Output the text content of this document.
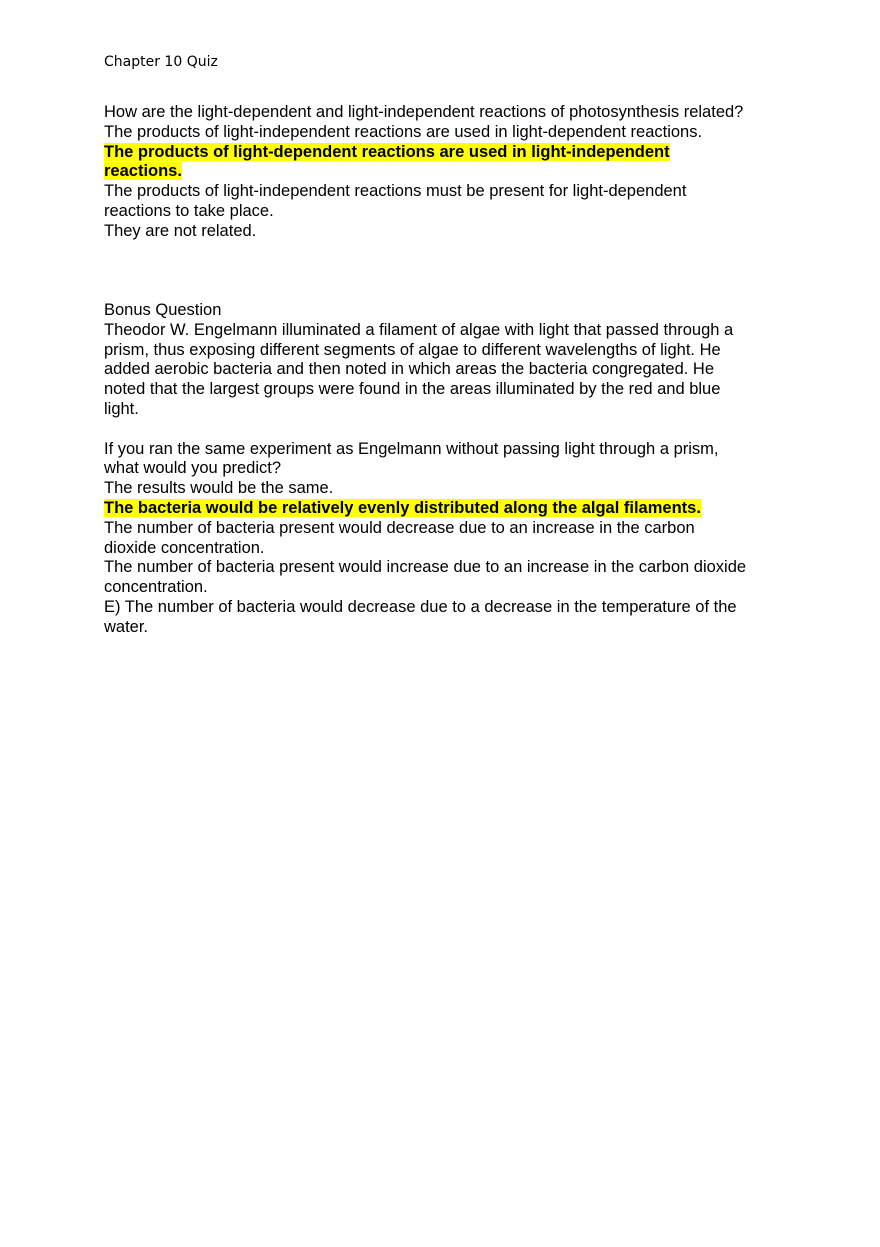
Chapter 10 Quiz

How are the light-dependent and light-independent reactions of photosynthesis related?
The products of light-independent reactions are used in light-dependent reactions.
The products of light-dependent reactions are used in light-independent
reactions.
The products of light-independent reactions must be present for light-dependent
reactions to take place.
They are not related.
Bonus Question
Theodor W. Engelmann illuminated a filament of algae with light that passed through a
prism, thus exposing different segments of algae to different wavelengths of light. He
added aerobic bacteria and then noted in which areas the bacteria congregated. He
noted that the largest groups were found in the areas illuminated by the red and blue
light.
If you ran the same experiment as Engelmann without passing light through a prism,
what would you predict?
The results would be the same.
The bacteria would be relatively evenly distributed along the algal filaments.
The number of bacteria present would decrease due to an increase in the carbon
dioxide concentration.
The number of bacteria present would increase due to an increase in the carbon dioxide
concentration.
E) The number of bacteria would decrease due to a decrease in the temperature of the
water.
